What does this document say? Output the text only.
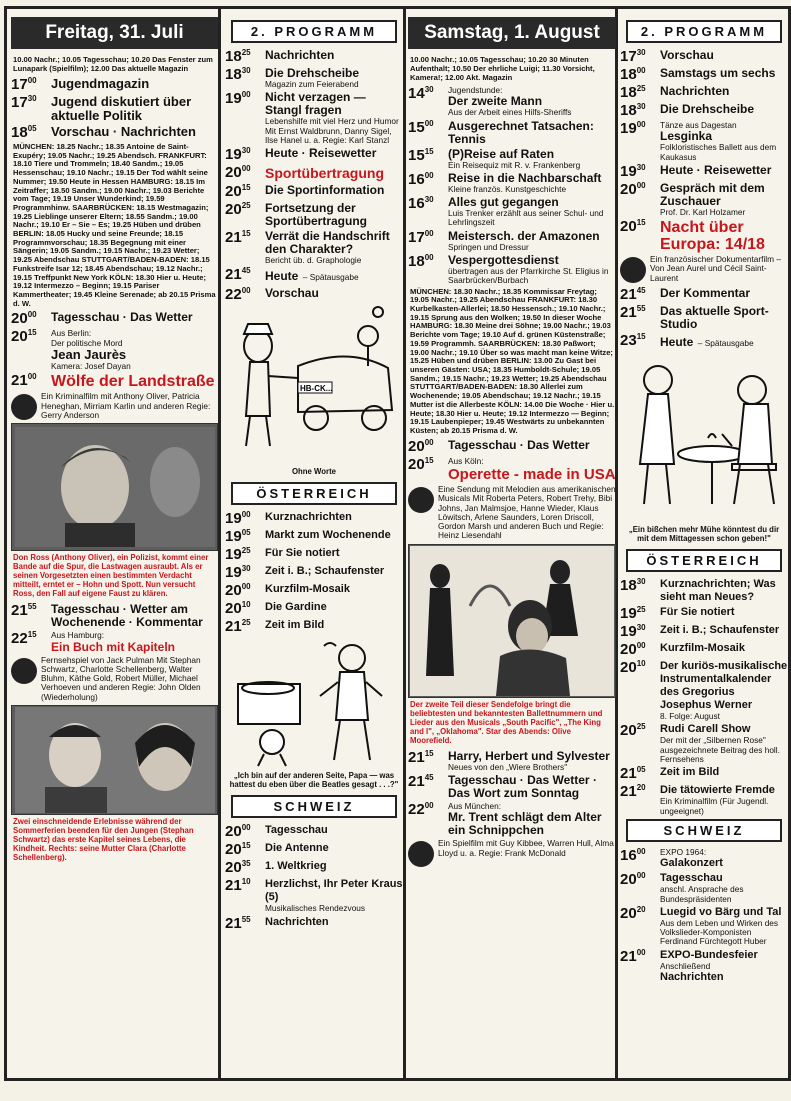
Freitag, 31. Juli
10.00 Nachr.; 10.05 Tagesschau; 10.20 Das Fenster zum Lunapark (Spielfilm); 12.00 Das aktuelle Magazin
$17^{00}$	Jugendmagazin
$17^{30}$	Jugend diskutiert über aktuelle Politik
$18^{05}$	Vorschau · Nachrichten
MÜNCHEN: 18.25 Nachr.; 18.35 Antoine de Saint-Exupéry; 19.05 Nachr.; 19.25 Abendsch. FRANKFURT: 18.10 Tiere und Trommeln; 18.40 Sandm.; 19.05 Hessenschau; 19.10 Nachr.; 19.15 Der Tod wählt seine Nummer; 19.50 Heute in Hessen HAMBURG: 18.15 Im Zeitraffer; 18.50 Sandm.; 19.00 Nachr.; 19.03 Berichte vom Tage; 19.19 Unser Wunderkind; 19.59 Programmhinw. SAARBRÜCKEN: 18.15 Westmagazin; 19.25 Lieblinge unserer Eltern; 18.55 Sandm.; 19.00 Nachr.; 19.10 Er – Sie – Es; 19.25 Hüben und drüben BERLIN: 18.05 Hucky und seine Freunde; 18.15 Programmvorschau; 18.35 Begegnung mit einer Sängerin; 19.05 Sandm.; 19.15 Nachr.; 19.23 Wetter; 19.25 Abendschau STUTTGART/BADEN-BADEN: 18.15 Funkstreife Isar 12; 18.45 Abendschau; 19.12 Nachr.; 19.15 Treffpunkt New York KÖLN: 18.30 Hier u. Heute; 19.12 Intermezzo – Beginn; 19.15 Pariser Kammertheater; 19.45 Kleine Serenade; ab 20.15 Prisma d. W.
$20^{00}$	Tagesschau · Das Wetter
$20^{15}$	Aus Berlin:
Der politische Mord
Jean Jaurès
Kamera: Josef Dayan
$21^{00}$ Wölfe der Landstraße
Ein Kriminalfilm mit Anthony Oliver, Patricia Heneghan, Mirriam Karlin und anderen Regie: Gerry Anderson
Don Ross (Anthony Oliver), ein Polizist, kommt einer Bande auf die Spur, die Lastwagen ausraubt. Als er seinen Vorgesetzten einen bestimmten Verdacht mitteilt, erntet er – Hohn und Spott. Nun versucht Ross, den Fall auf eigene Faust zu klären.
$21^{55}$	Tagesschau · Wetter am Wochenende · Kommentar
$22^{15}$	Aus Hamburg:
Ein Buch mit Kapiteln
Fernsehspiel von Jack Pulman Mit Stephan Schwartz, Charlotte Schellenberg, Walter Bluhm, Käthe Gold, Robert Müller, Michael Verhoeven und anderen Regie: John Olden (Wiederholung)
Zwei einschneidende Erlebnisse während der Sommerferien beenden für den Jungen (Stephan Schwartz) das erste Kapitel seines Lebens, die Kindheit. Rechts: seine Mutter Clara (Charlotte Schellenberg).
2. PROGRAMM
$18^{25}$	Nachrichten
$18^{30}$	Die Drehscheibe
Magazin zum Feierabend
$19^{00}$	Nicht verzagen — Stangl fragen
Lebenshilfe mit viel Herz und Humor Mit Ernst Waldbrunn, Danny Sigel, Ilse Hanel u. a. Regie: Karl Stanzl
$19^{30}$	Heute · Reisewetter
$20^{00}$	Sportübertragung
$20^{15}$	Die Sportinformation
$20^{25}$	Fortsetzung der Sportübertragung
$21^{15}$	Verrät die Handschrift den Charakter?
Bericht üb. d. Graphologie
$21^{45}$	Heute – Spätausgabe
$22^{00}$	Vorschau
HB-CK...
Ohne Worte
ÖSTERREICH
$19^{00}$	Kurznachrichten
$19^{05}$	Markt zum Wochenende
$19^{25}$	Für Sie notiert
$19^{30}$	Zeit i. B.; Schaufenster
$20^{00}$	Kurzfilm-Mosaik
$20^{10}$	Die Gardine
$21^{25}$	Zeit im Bild
„Ich bin auf der anderen Seite, Papa — was hattest du eben über die Beatles gesagt . . .?"
SCHWEIZ
$20^{00}$	Tagesschau
$20^{15}$	Die Antenne
$20^{35}$	1. Weltkrieg
$21^{10}$	Herzlichst, Ihr Peter Kraus (5)
Musikalisches Rendezvous
$21^{55}$	Nachrichten
Samstag, 1. August
10.00 Nachr.; 10.05 Tagesschau; 10.20 30 Minuten Aufenthalt; 10.50 Der ehrliche Luigi; 11.30 Vorsicht, Kamera!; 12.00 Akt. Magazin
$14^{30}$	Jugendstunde:
Der zweite Mann
Aus der Arbeit eines Hilfs-Sheriffs
$15^{00}$	Ausgerechnet Tatsachen: Tennis
$15^{15}$	(P)Reise auf Raten
Ein Reisequiz mit R. v. Frankenberg
$16^{00}$	Reise in die Nachbarschaft
Kleine französ. Kunstgeschichte
$16^{30}$	Alles gut gegangen
Luis Trenker erzählt aus seiner Schul- und Lehrlingszeit
$17^{00}$	Meistersch. der Amazonen
Springen und Dressur
$18^{00}$	Vespergottesdienst
übertragen aus der Pfarrkirche St. Eligius in Saarbrücken/Burbach
MÜNCHEN: 18.30 Nachr.; 18.35 Kommissar Freytag; 19.05 Nachr.; 19.25 Abendschau FRANKFURT: 18.30 Kurbelkasten-Allerlei; 18.50 Hessensch.; 19.10 Nachr.; 19.15 Sprung aus den Wolken; 19.50 In dieser Woche HAMBURG: 18.30 Meine drei Söhne; 19.00 Nachr.; 19.03 Berichte vom Tage; 19.10 Auf d. grünen Küstenstraße; 19.59 Programmh. SAARBRÜCKEN: 18.30 Paßwort; 19.00 Nachr.; 19.10 Über so was macht man keine Witze; 15.25 Hüben und drüben BERLIN: 13.00 Zu Gast bei unseren Gästen: USA; 18.35 Humboldt-Schule; 19.05 Sandm.; 19.15 Nachr.; 19.23 Wetter; 19.25 Abendschau STUTTGART/BADEN-BADEN: 18.30 Allerlei zum Wochenende; 19.05 Abendschau; 19.12 Nachr.; 19.15 Mutter ist die Allerbeste KÖLN: 14.00 Die Woche · Hier u. Heute; 18.30 Hier u. Heute; 19.12 Intermezzo — Beginn; 19.15 Laubenpieper; 19.45 Westwärts zu unbekannten Küsten; ab 20.15 Prisma d. W.
$20^{00}$	Tagesschau · Das Wetter
$20^{15}$	Aus Köln:
Operette - made in USA
Eine Sendung mit Melodien aus amerikanischen Musicals Mit Roberta Peters, Robert Trehy, Bibi Johns, Jan Malmsjoe, Hanne Wieder, Klaus Löwitsch, Arlene Saunders, Loren Driscoll, Gordon Marsh und anderen Buch und Regie: Heinz Liesendahl
Der zweite Teil dieser Sendefolge bringt die beliebtesten und bekanntesten Ballettnummern und Lieder aus den Musicals „South Pacific", „The King and I", „Oklahoma". Star des Abends: Olive Moorefield.
$21^{15}$	Harry, Herbert und Sylvester
Neues von den „Wiere Brothers"
$21^{45}$	Tagesschau · Das Wetter · Das Wort zum Sonntag
$22^{00}$	Aus München:
Mr. Trent schlägt dem Alter ein Schnippchen
Ein Spielfilm mit Guy Kibbee, Warren Hull, Alma Lloyd u. a. Regie: Frank McDonald
2. PROGRAMM
$17^{30}$	Vorschau
$18^{00}$	Samstags um sechs
$18^{25}$	Nachrichten
$18^{30}$	Die Drehscheibe
$19^{00}$	Tänze aus Dagestan
Lesginka
Folkloristisches Ballett aus dem Kaukasus
$19^{30}$	Heute · Reisewetter
$20^{00}$	Gespräch mit dem Zuschauer
Prof. Dr. Karl Holzamer
$20^{15}$ Nacht über Europa: 14/18
Ein französischer Dokumentarfilm – Von Jean Aurel und Cécil Saint-Laurent
$21^{45}$	Der Kommentar
$21^{55}$	Das aktuelle Sport-Studio
$23^{15}$	Heute – Spätausgabe
„Ein bißchen mehr Mühe könntest du dir mit dem Mittagessen schon geben!"
ÖSTERREICH
$18^{30}$	Kurznachrichten; Was sieht man Neues?
$19^{25}$	Für Sie notiert
$19^{30}$	Zeit i. B.; Schaufenster
$20^{00}$	Kurzfilm-Mosaik
$20^{10}$	Der kuriös-musikalische Instrumentalkalender des Gregorius Josephus Werner
8. Folge: August
$20^{25}$	Rudi Carell Show
Der mit der „Silbernen Rose" ausgezeichnete Beitrag des holl. Fernsehens
$21^{05}$	Zeit im Bild
$21^{20}$	Die tätowierte Fremde
Ein Kriminalfilm (Für Jugendl. ungeeignet)
SCHWEIZ
$16^{00}$	EXPO 1964:
Galakonzert
$20^{00}$	Tagesschau
anschl. Ansprache des Bundespräsidenten
$20^{20}$	Luegid vo Bärg und Tal
Aus dem Leben und Wirken des Volkslieder-Komponisten Ferdinand Fürchtegott Huber
$21^{00}$	EXPO-Bundesfeier
Anschließend
Nachrichten
